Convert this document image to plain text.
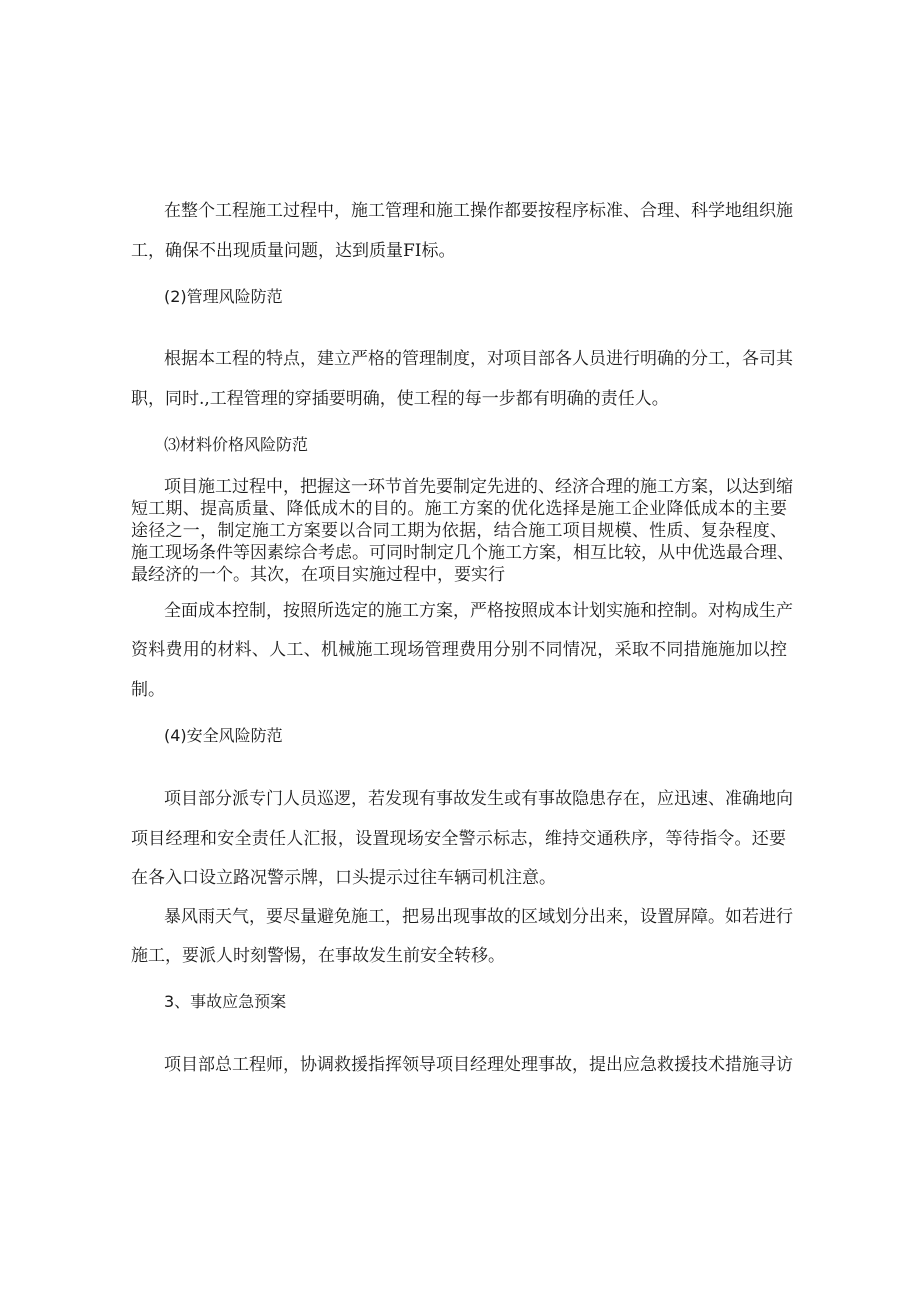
在整个工程施工过程中，施工管理和施工操作都要按程序标准、合理、科学地组织施
工，确保不出现质量问题，达到质量FI标。
(2)管理风险防范
根据本工程的特点，建立严格的管理制度，对项目部各人员进行明确的分工，各司其
职，同时.,工程管理的穿插要明确，使工程的每一步都有明确的责任人。
⑶材料价格风险防范
项目施工过程中，把握这一环节首先要制定先进的、经济合理的施工方案，以达到缩
短工期、提高质量、降低成木的目的。施工方案的优化选择是施工企业降低成本的主要
途径之一，制定施工方案要以合同工期为依据，结合施工项目规模、性质、复杂程度、
施工现场条件等因素综合考虑。可同时制定几个施工方案，相互比较，从中优选最合理、
最经济的一个。其次，在项目实施过程中，要实行
全面成本控制，按照所选定的施工方案，严格按照成本计划实施和控制。对构成生产
资料费用的材料、人工、机械施工现场管理费用分别不同情况，采取不同措施施加以控
制。
(4)安全风险防范
项目部分派专门人员巡逻，若发现有事故发生或有事故隐患存在，应迅速、准确地向
项目经理和安全责任人汇报，设置现场安全警示标志，维持交通秩序，等待指令。还要
在各入口设立路况警示牌，口头提示过往车辆司机注意。
暴风雨天气，要尽量避免施工，把易出现事故的区域划分出来，设置屏障。如若进行
施工，要派人时刻警惕，在事故发生前安全转移。
3、事故应急预案
项目部总工程师，协调救援指挥领导项目经理处理事故，提出应急救援技术措施寻访
